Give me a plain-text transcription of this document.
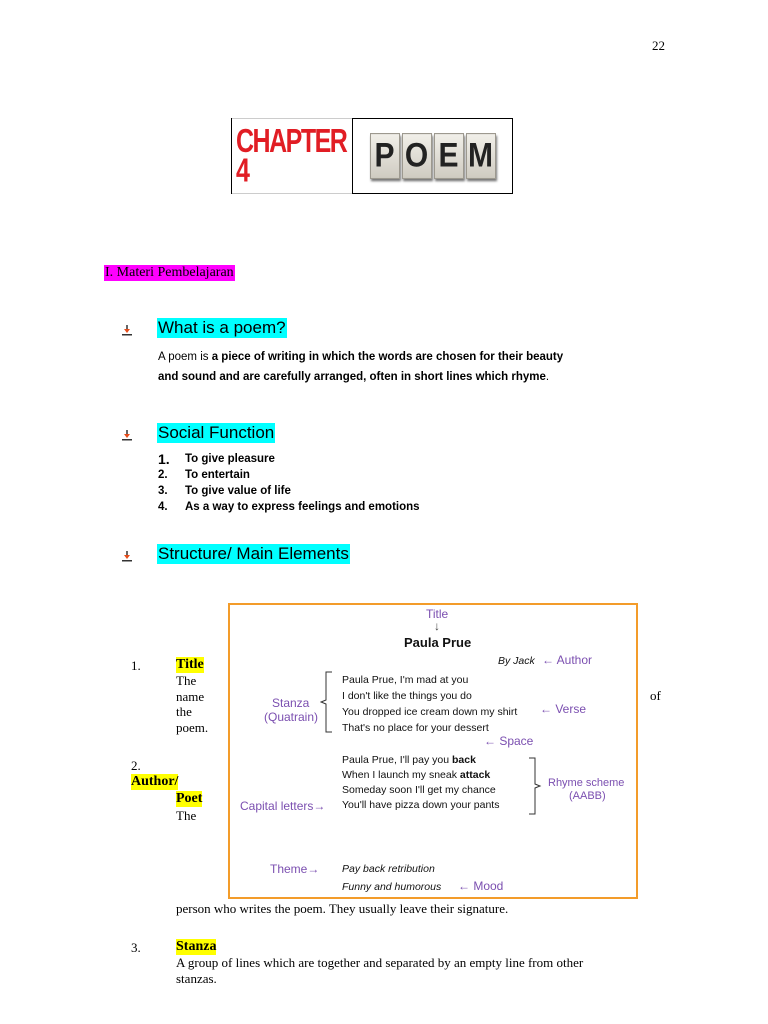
22
CHAPTER 4	P O E M
I. Materi Pembelajaran
What is a poem?
A poem is a piece of writing in which the words are chosen for their beauty
and sound and are carefully arranged, often in short lines which rhyme.
Social Function
1.	To give pleasure
2.	To entertain
3.	To give value of life
4.	As a way to express feelings and emotions
Structure/ Main Elements
Title
↓
Paula Prue
By Jack ← Author
Stanza
(Quatrain)
Paula Prue, I'm mad at you
I don't like the things you do
You dropped ice cream down my shirt
That's no place for your dessert
← Verse
← Space
Paula Prue, I'll pay you back
When I launch my sneak attack
Someday soon I'll get my chance
You'll have pizza down your pants
Rhyme scheme
(AABB)
Capital letters→
Theme→ Pay back retribution
Funny and humorous ← Mood
1.	Title
The
name
the
poem.
of
2.
Author/
Poet
The
person who writes the poem. They usually leave their signature.
3.	Stanza
A group of lines which are together and separated by an empty line from other
stanzas.
